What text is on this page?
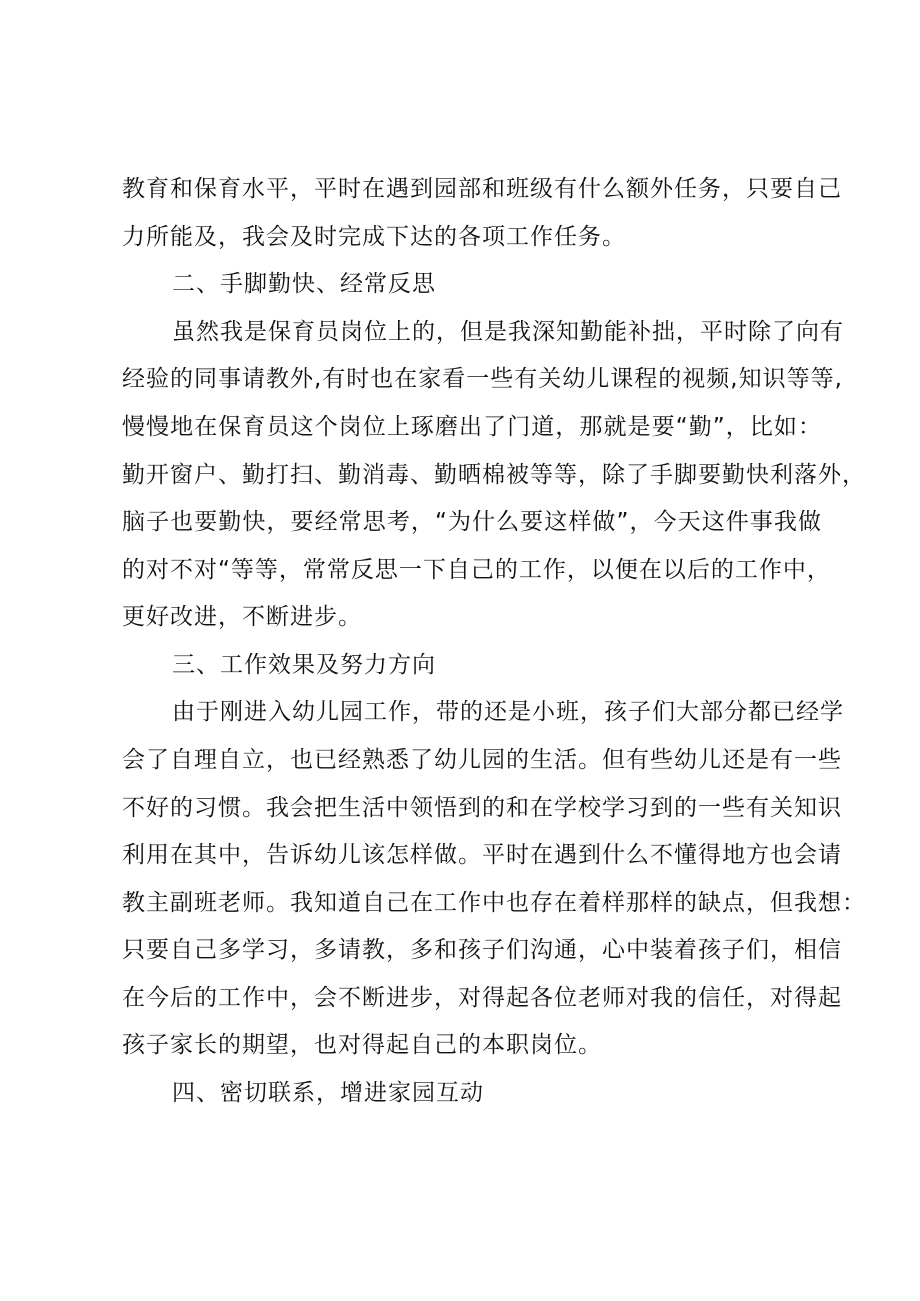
教育和保育水平，平时在遇到园部和班级有什么额外任务，只要自己
力所能及，我会及时完成下达的各项工作任务。
二、手脚勤快、经常反思
虽然我是保育员岗位上的，但是我深知勤能补拙，平时除了向有
经验的同事请教外,有时也在家看一些有关幼儿课程的视频,知识等等,
慢慢地在保育员这个岗位上琢磨出了门道，那就是要“勤”，比如：
勤开窗户、勤打扫、勤消毒、勤晒棉被等等，除了手脚要勤快利落外，
脑子也要勤快，要经常思考，“为什么要这样做”，今天这件事我做
的对不对“等等，常常反思一下自己的工作，以便在以后的工作中，
更好改进，不断进步。
三、工作效果及努力方向
由于刚进入幼儿园工作，带的还是小班，孩子们大部分都已经学
会了自理自立，也已经熟悉了幼儿园的生活。但有些幼儿还是有一些
不好的习惯。我会把生活中领悟到的和在学校学习到的一些有关知识
利用在其中，告诉幼儿该怎样做。平时在遇到什么不懂得地方也会请
教主副班老师。我知道自己在工作中也存在着样那样的缺点，但我想：
只要自己多学习，多请教，多和孩子们沟通，心中装着孩子们，相信
在今后的工作中，会不断进步，对得起各位老师对我的信任，对得起
孩子家长的期望，也对得起自己的本职岗位。
四、密切联系，增进家园互动
